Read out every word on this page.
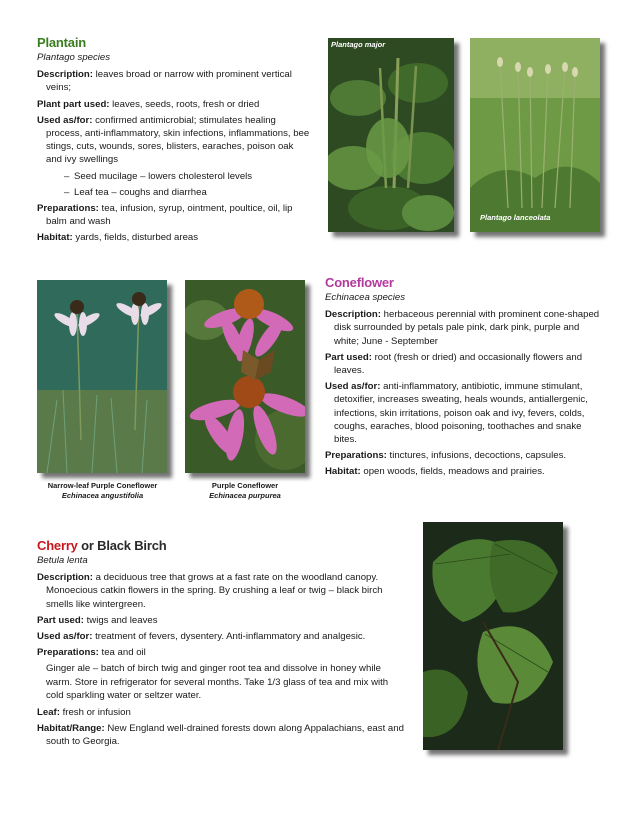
Plantain
Plantago species
Description: leaves broad or narrow with prominent vertical veins;
Plant part used: leaves, seeds, roots, fresh or dried
Used as/for: confirmed antimicrobial; stimulates healing process, anti-inflammatory, skin infections, inflammations, bee stings, cuts, wounds, sores, blisters, earaches, poison oak and ivy swellings
– Seed mucilage – lowers cholesterol levels
– Leaf tea – coughs and diarrhea
Preparations: tea, infusion, syrup, ointment, poultice, oil, lip balm and wash
Habitat: yards, fields, disturbed areas
Plantago major
Plantago lanceolata
Narrow-leaf Purple Coneflower
Echinacea angustifolia
Purple Coneflower
Echinacea purpurea
Coneflower
Echinacea species
Description: herbaceous perennial with prominent cone-shaped disk surrounded by petals pale pink, dark pink, purple and white; June - September
Part used: root (fresh or dried) and occasionally flowers and leaves.
Used as/for: anti-inflammatory, antibiotic, immune stimulant, detoxifier, increases sweating, heals wounds, antiallergenic, infections, skin irritations, poison oak and ivy, fevers, colds, coughs, earaches, blood poisoning, toothaches and snake bites.
Preparations: tinctures, infusions, decoctions, capsules.
Habitat: open woods, fields, meadows and prairies.
Cherry or Black Birch
Betula lenta
Description: a deciduous tree that grows at a fast rate on the woodland canopy. Monoecious catkin flowers in the spring. By crushing a leaf or twig – black birch smells like wintergreen.
Part used: twigs and leaves
Used as/for: treatment of fevers, dysentery. Anti-inflammatory and analgesic.
Preparations: tea and oil
Ginger ale – batch of birch twig and ginger root tea and dissolve in honey while warm. Store in refrigerator for several months. Take 1/3 glass of tea and mix with cold sparkling water or seltzer water.
Leaf: fresh or infusion
Habitat/Range: New England well-drained forests down along Appalachians, east and south to Georgia.
